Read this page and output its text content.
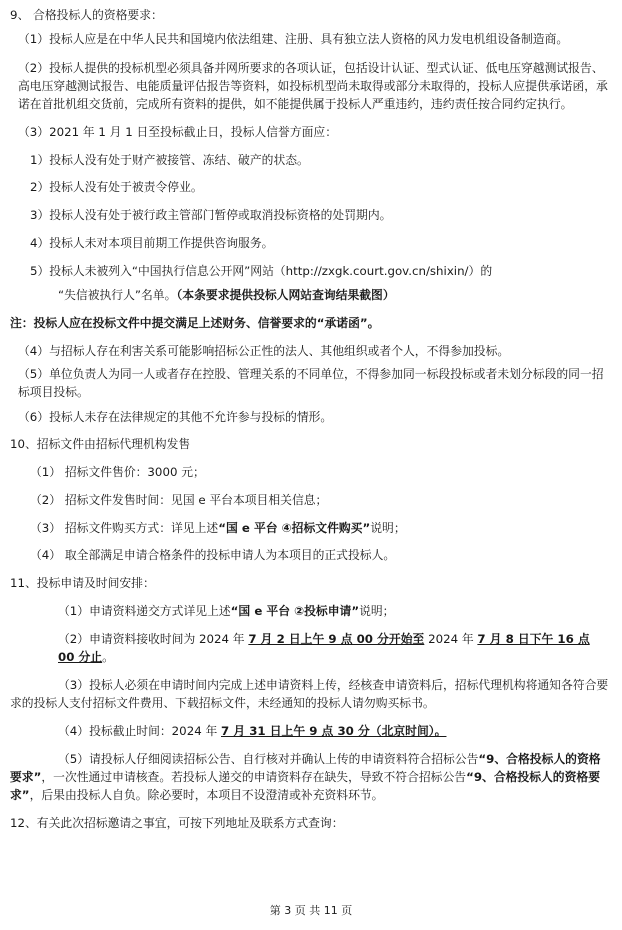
9、 合格投标人的资格要求：

（1）投标人应是在中华人民共和国境内依法组建、注册、具有独立法人资格的风力发电机组设备制造商。

（2）投标人提供的投标机型必须具备并网所要求的各项认证，包括设计认证、型式认证、低电压穿越测试报告、高电压穿越测试报告、电能质量评估报告等资料，如投标机型尚未取得或部分未取得的，投标人应提供承诺函，承诺在首批机组交货前，完成所有资料的提供，如不能提供属于投标人严重违约，违约责任按合同约定执行。

（3）2021 年 1 月 1 日至投标截止日，投标人信誉方面应：

1）投标人没有处于财产被接管、冻结、破产的状态。

2）投标人没有处于被责令停业。

3）投标人没有处于被行政主管部门暂停或取消投标资格的处罚期内。

4）投标人未对本项目前期工作提供咨询服务。

5）投标人未被列入“中国执行信息公开网”网站（http://zxgk.court.gov.cn/shixin/）的

“失信被执行人”名单。（本条要求提供投标人网站查询结果截图）

注：投标人应在投标文件中提交满足上述财务、信誉要求的“承诺函”。

（4）与招标人存在利害关系可能影响招标公正性的法人、其他组织或者个人，不得参加投标。

（5）单位负责人为同一人或者存在控股、管理关系的不同单位，不得参加同一标段投标或者未划分标段的同一招标项目投标。

（6）投标人未存在法律规定的其他不允许参与投标的情形。

10、招标文件由招标代理机构发售

（1） 招标文件售价：3000 元；

（2） 招标文件发售时间：见国 e 平台本项目相关信息；

（3） 招标文件购买方式：详见上述“国 e 平台 ④招标文件购买”说明；

（4） 取全部满足申请合格条件的投标申请人为本项目的正式投标人。

11、投标申请及时间安排：

（1）申请资料递交方式详见上述“国 e 平台 ②投标申请”说明；

（2）申请资料接收时间为 2024 年 7 月 2 日上午 9 点 00 分开始至 2024 年 7 月 8 日下午 16 点 00 分止。

（3）投标人必须在申请时间内完成上述申请资料上传，经核查申请资料后，招标代理机构将通知各符合要求的投标人支付招标文件费用、下载招标文件，未经通知的投标人请勿购买标书。

（4）投标截止时间：2024 年 7 月 31 日上午 9 点 30 分（北京时间）。

（5）请投标人仔细阅读招标公告、自行核对并确认上传的申请资料符合招标公告“9、合格投标人的资格要求”，一次性通过申请核查。若投标人递交的申请资料存在缺失，导致不符合招标公告“9、合格投标人的资格要求”，后果由投标人自负。除必要时，本项目不设澄清或补充资料环节。

12、有关此次招标邀请之事宜，可按下列地址及联系方式查询：

第 3 页 共 11 页
